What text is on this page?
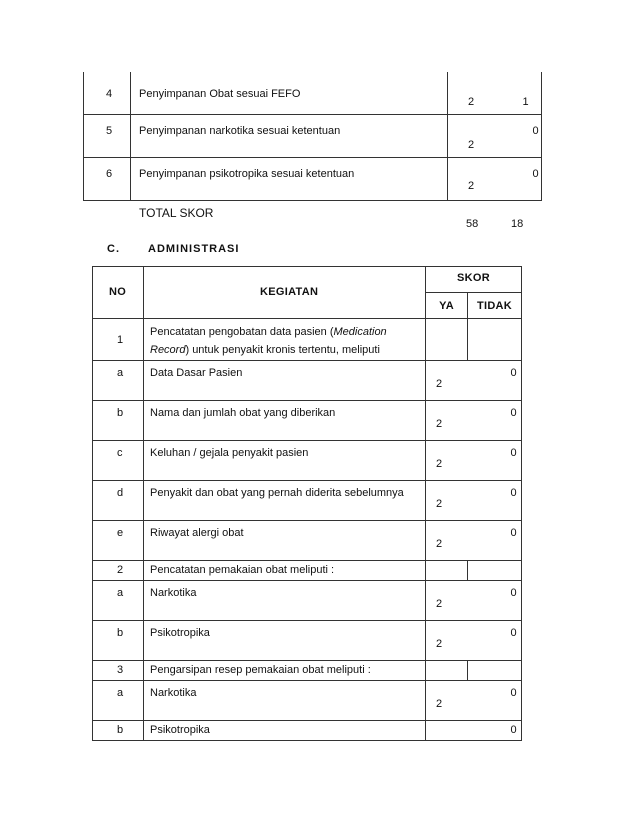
4	Penyimpanan Obat sesuai FEFO	2	1

5	Penyimpanan narkotika sesuai ketentuan	2	0

6	Penyimpanan psikotropika sesuai ketentuan	2	0
TOTAL SKOR
58	18
C.	ADMINISTRASI
NO	KEGIATAN	SKOR	

		YA	TIDAK

1	Pencatatan pengobatan data pasien (Medication
Record) untuk penyakit kronis tertentu, meliputi		

a	Data Dasar Pasien	2	0

b	Nama dan jumlah obat yang diberikan	2	0

c	Keluhan / gejala penyakit pasien	2	0

d	Penyakit dan obat yang pernah diderita sebelumnya	2	0

e	Riwayat alergi obat	2	0

2	Pencatatan pemakaian obat meliputi :		

a	Narkotika	2	0

b	Psikotropika	2	0

3	Pengarsipan resep pemakaian obat meliputi :		

a	Narkotika	2	0

b	Psikotropika		0
